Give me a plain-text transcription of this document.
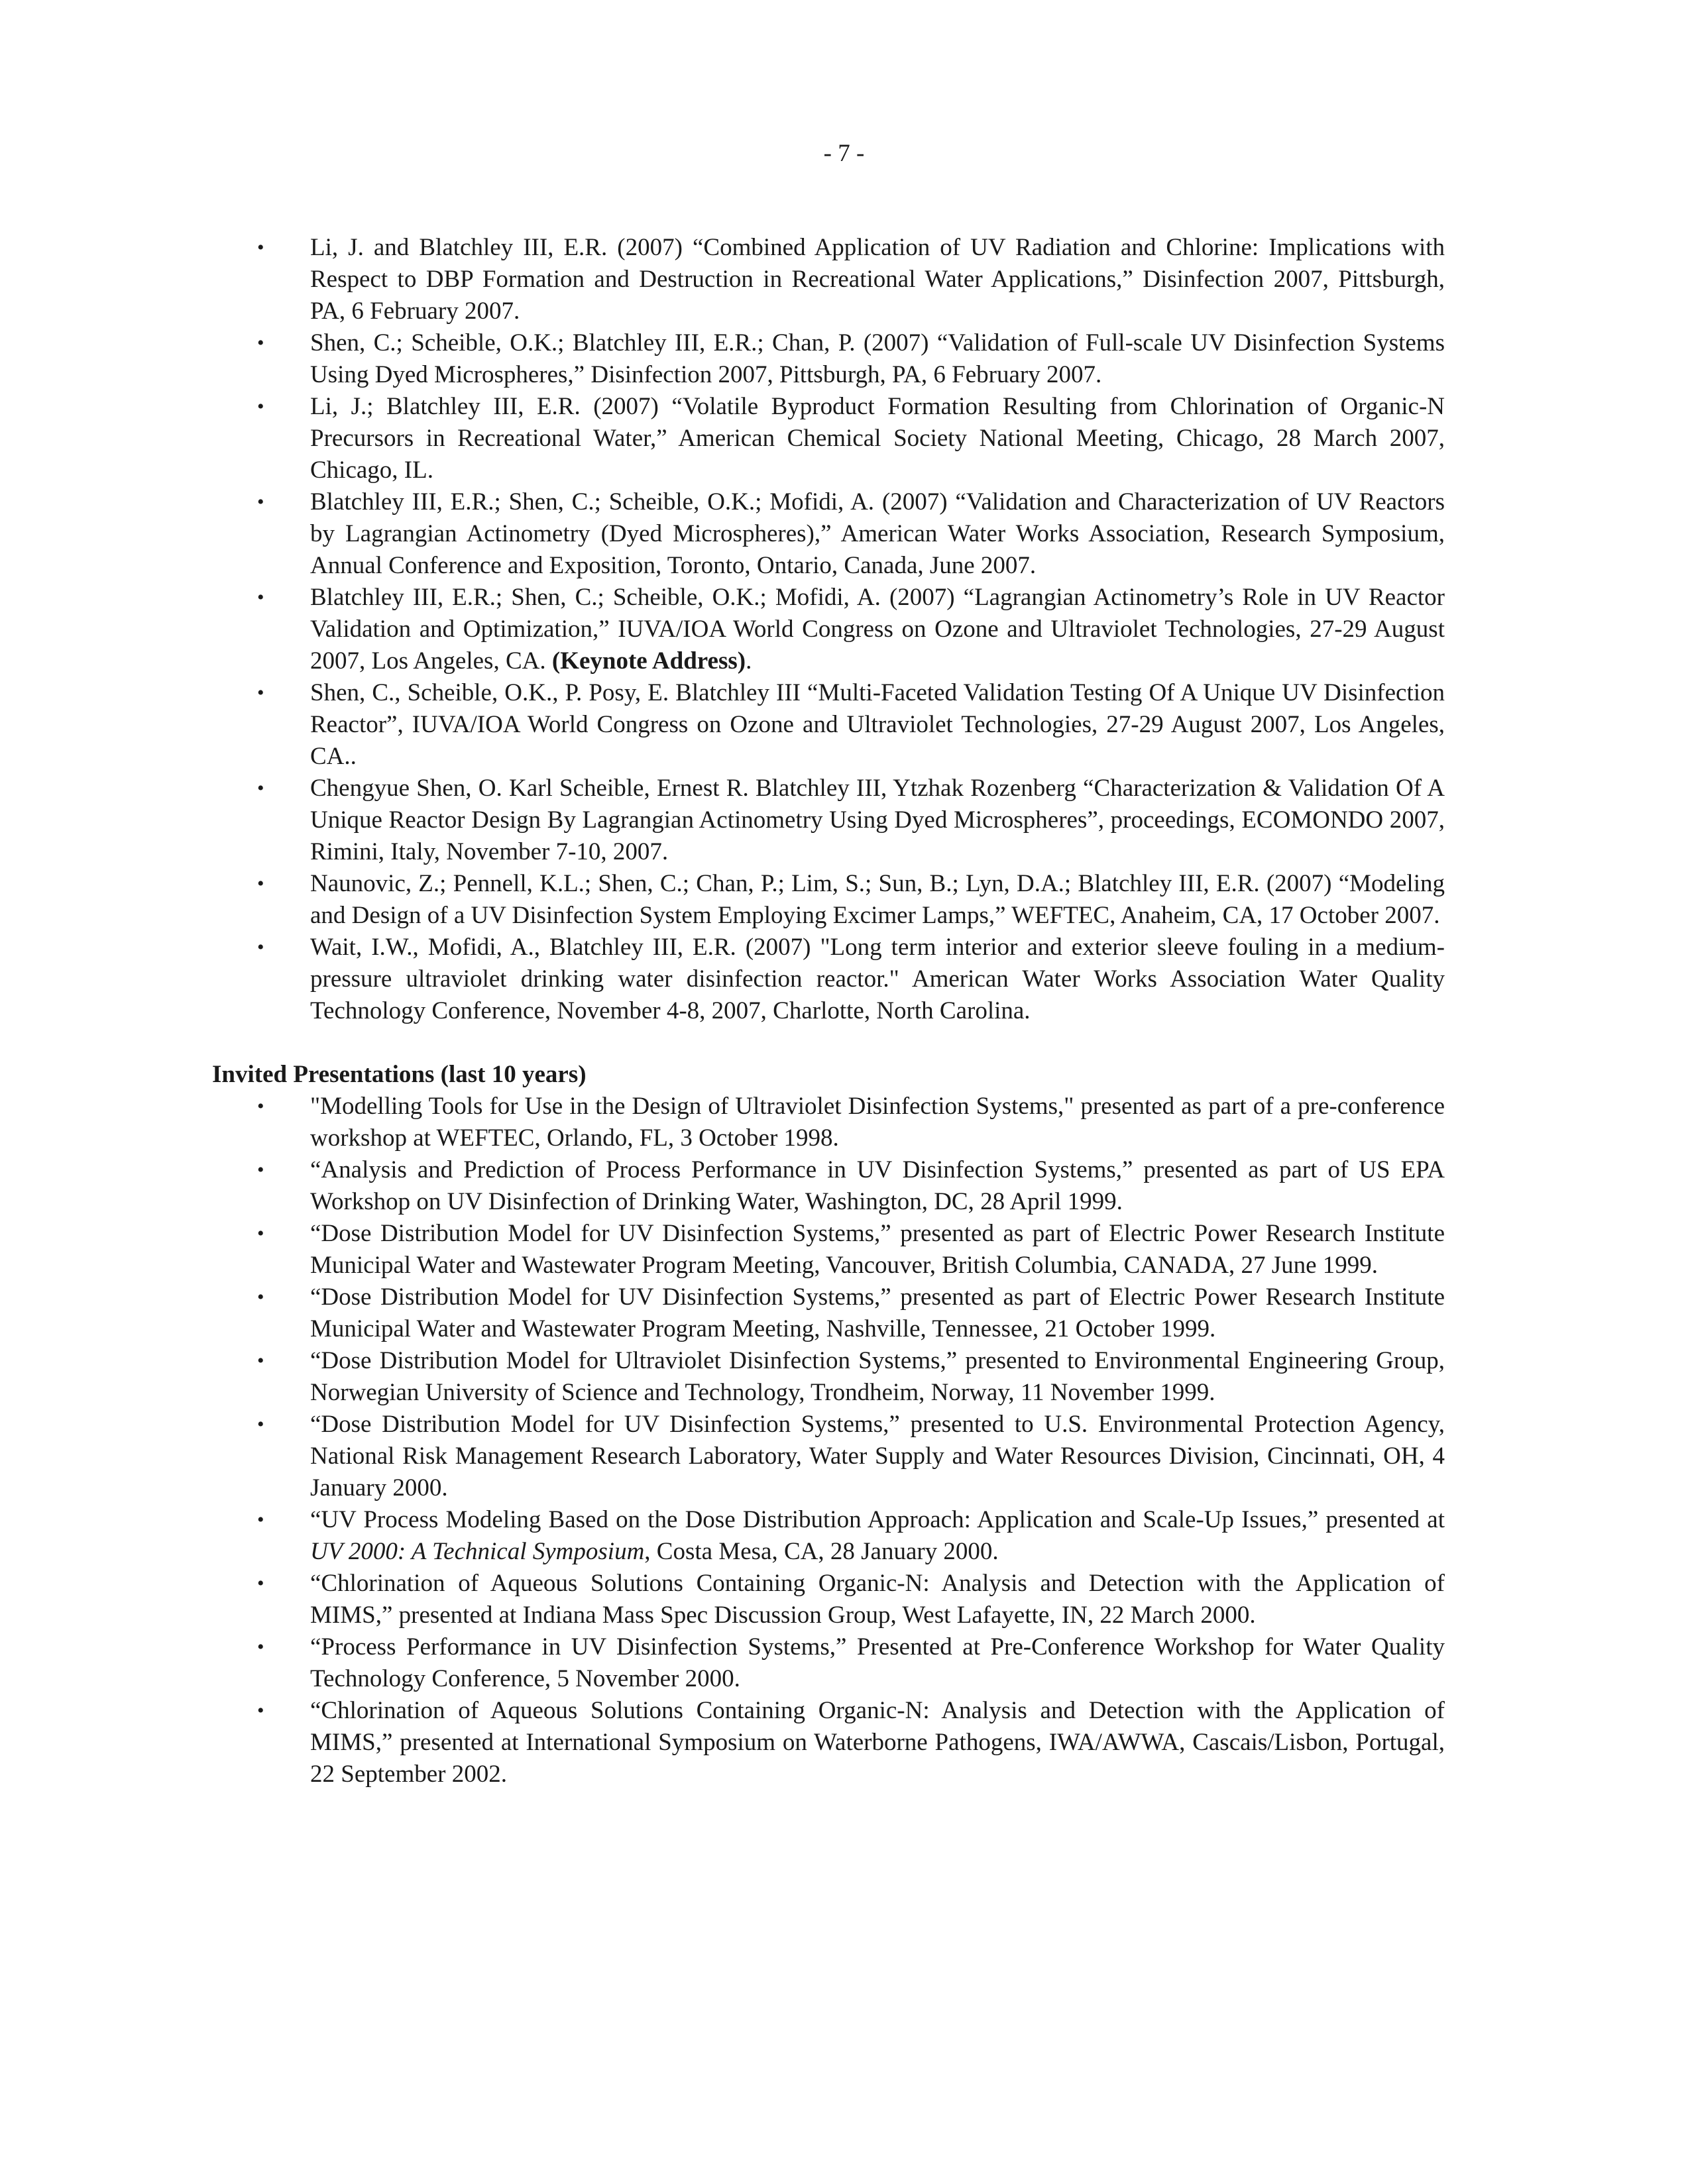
- 7 -
• Li, J. and Blatchley III, E.R. (2007) “Combined Application of UV Radiation and Chlorine: Implications with Respect to DBP Formation and Destruction in Recreational Water Applications,” Disinfection 2007, Pittsburgh, PA, 6 February 2007.
• Shen, C.; Scheible, O.K.; Blatchley III, E.R.; Chan, P. (2007) “Validation of Full-scale UV Disinfection Systems Using Dyed Microspheres,” Disinfection 2007, Pittsburgh, PA, 6 February 2007.
• Li, J.; Blatchley III, E.R. (2007) “Volatile Byproduct Formation Resulting from Chlorination of Organic-N Precursors in Recreational Water,” American Chemical Society National Meeting, Chicago, 28 March 2007, Chicago, IL.
• Blatchley III, E.R.; Shen, C.; Scheible, O.K.; Mofidi, A. (2007) “Validation and Characterization of UV Reactors by Lagrangian Actinometry (Dyed Microspheres),” American Water Works Association, Research Symposium, Annual Conference and Exposition, Toronto, Ontario, Canada, June 2007.
• Blatchley III, E.R.; Shen, C.; Scheible, O.K.; Mofidi, A. (2007) “Lagrangian Actinometry’s Role in UV Reactor Validation and Optimization,” IUVA/IOA World Congress on Ozone and Ultraviolet Technologies, 27-29 August 2007, Los Angeles, CA. (Keynote Address).
• Shen, C., Scheible, O.K., P. Posy, E. Blatchley III “Multi-Faceted Validation Testing Of A Unique UV Disinfection Reactor”, IUVA/IOA World Congress on Ozone and Ultraviolet Technologies, 27-29 August 2007, Los Angeles, CA..
• Chengyue Shen, O. Karl Scheible, Ernest R. Blatchley III, Ytzhak Rozenberg “Characterization & Validation Of A Unique Reactor Design By Lagrangian Actinometry Using Dyed Microspheres”, proceedings, ECOMONDO 2007, Rimini, Italy, November 7-10, 2007.
• Naunovic, Z.; Pennell, K.L.; Shen, C.; Chan, P.; Lim, S.; Sun, B.; Lyn, D.A.; Blatchley III, E.R. (2007) “Modeling and Design of a UV Disinfection System Employing Excimer Lamps,” WEFTEC, Anaheim, CA, 17 October 2007.
• Wait, I.W., Mofidi, A., Blatchley III, E.R. (2007) "Long term interior and exterior sleeve fouling in a medium-pressure ultraviolet drinking water disinfection reactor." American Water Works Association Water Quality Technology Conference, November 4-8, 2007, Charlotte, North Carolina.
Invited Presentations (last 10 years)
• "Modelling Tools for Use in the Design of Ultraviolet Disinfection Systems," presented as part of a pre-conference workshop at WEFTEC, Orlando, FL, 3 October 1998.
• “Analysis and Prediction of Process Performance in UV Disinfection Systems,” presented as part of US EPA Workshop on UV Disinfection of Drinking Water, Washington, DC, 28 April 1999.
• “Dose Distribution Model for UV Disinfection Systems,” presented as part of Electric Power Research Institute Municipal Water and Wastewater Program Meeting, Vancouver, British Columbia, CANADA, 27 June 1999.
• “Dose Distribution Model for UV Disinfection Systems,” presented as part of Electric Power Research Institute Municipal Water and Wastewater Program Meeting, Nashville, Tennessee, 21 October 1999.
• “Dose Distribution Model for Ultraviolet Disinfection Systems,” presented to Environmental Engineering Group, Norwegian University of Science and Technology, Trondheim, Norway, 11 November 1999.
• “Dose Distribution Model for UV Disinfection Systems,” presented to U.S. Environmental Protection Agency, National Risk Management Research Laboratory, Water Supply and Water Resources Division, Cincinnati, OH, 4 January 2000.
• “UV Process Modeling Based on the Dose Distribution Approach: Application and Scale-Up Issues,” presented at UV 2000: A Technical Symposium, Costa Mesa, CA, 28 January 2000.
• “Chlorination of Aqueous Solutions Containing Organic-N: Analysis and Detection with the Application of MIMS,” presented at Indiana Mass Spec Discussion Group, West Lafayette, IN, 22 March 2000.
• “Process Performance in UV Disinfection Systems,” Presented at Pre-Conference Workshop for Water Quality Technology Conference, 5 November 2000.
• “Chlorination of Aqueous Solutions Containing Organic-N: Analysis and Detection with the Application of MIMS,” presented at International Symposium on Waterborne Pathogens, IWA/AWWA, Cascais/Lisbon, Portugal, 22 September 2002.
